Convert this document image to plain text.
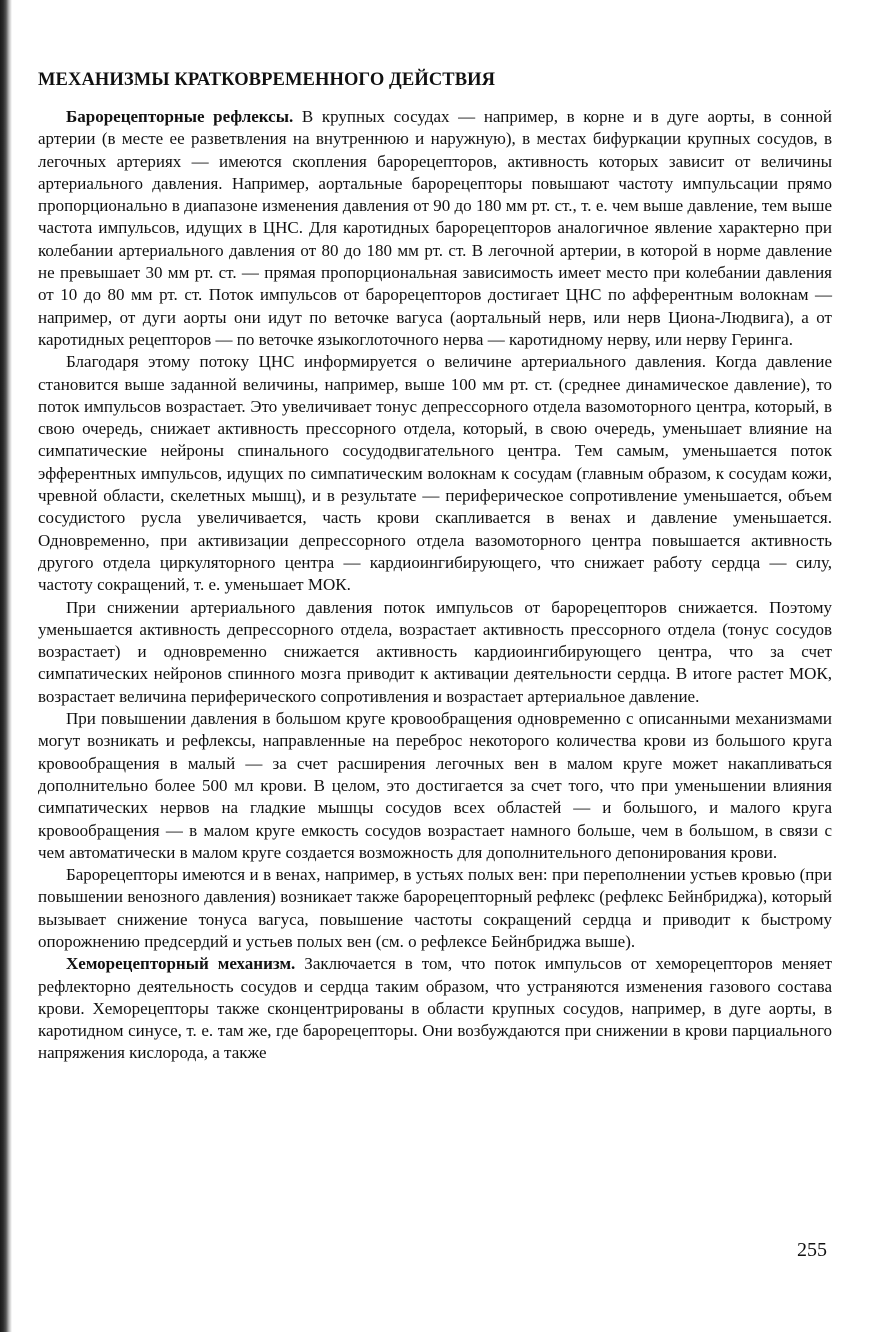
МЕХАНИЗМЫ КРАТКОВРЕМЕННОГО ДЕЙСТВИЯ

Барорецепторные рефлексы. В крупных сосудах — например, в корне и в дуге аорты, в сонной артерии (в месте ее разветвления на внутреннюю и наружную), в местах бифуркации крупных сосудов, в легочных артериях — имеются скопления барорецепторов, активность которых зависит от величины артериального давления. Например, аортальные барорецепторы повышают частоту импульсации прямо пропорционально в диапазоне изменения давления от 90 до 180 мм рт. ст., т. е. чем выше давление, тем выше частота импульсов, идущих в ЦНС. Для каротидных барорецепторов аналогичное явление характерно при колебании артериального давления от 80 до 180 мм рт. ст. В легочной артерии, в которой в норме давление не превышает 30 мм рт. ст. — прямая пропорциональная зависимость имеет место при колебании давления от 10 до 80 мм рт. ст. Поток импульсов от барорецепторов достигает ЦНС по афферентным волокнам — например, от дуги аорты они идут по веточке вагуса (аортальный нерв, или нерв Циона-Людвига), а от каротидных рецепторов — по веточке языкоглоточного нерва — каротидному нерву, или нерву Геринга.

Благодаря этому потоку ЦНС информируется о величине артериального давления. Когда давление становится выше заданной величины, например, выше 100 мм рт. ст. (среднее динамическое давление), то поток импульсов возрастает. Это увеличивает тонус депрессорного отдела вазомоторного центра, который, в свою очередь, снижает активность прессорного отдела, который, в свою очередь, уменьшает влияние на симпатические нейроны спинального сосудодвигательного центра. Тем самым, уменьшается поток эфферентных импульсов, идущих по симпатическим волокнам к сосудам (главным образом, к сосудам кожи, чревной области, скелетных мышц), и в результате — периферическое сопротивление уменьшается, объем сосудистого русла увеличивается, часть крови скапливается в венах и давление уменьшается. Одновременно, при активизации депрессорного отдела вазомоторного центра повышается активность другого отдела циркуляторного центра — кардиоингибирующего, что снижает работу сердца — силу, частоту сокращений, т. е. уменьшает МОК.

При снижении артериального давления поток импульсов от барорецепторов снижается. Поэтому уменьшается активность депрессорного отдела, возрастает активность прессорного отдела (тонус сосудов возрастает) и одновременно снижается активность кардиоингибирующего центра, что за счет симпатических нейронов спинного мозга приводит к активации деятельности сердца. В итоге растет МОК, возрастает величина периферического сопротивления и возрастает артериальное давление.

При повышении давления в большом круге кровообращения одновременно с описанными механизмами могут возникать и рефлексы, направленные на переброс некоторого количества крови из большого круга кровообращения в малый — за счет расширения легочных вен в малом круге может накапливаться дополнительно более 500 мл крови. В целом, это достигается за счет того, что при уменьшении влияния симпатических нервов на гладкие мышцы сосудов всех областей — и большого, и малого круга кровообращения — в малом круге емкость сосудов возрастает намного больше, чем в большом, в связи с чем автоматически в малом круге создается возможность для дополнительного депонирования крови.

Барорецепторы имеются и в венах, например, в устьях полых вен: при переполнении устьев кровью (при повышении венозного давления) возникает также барорецепторный рефлекс (рефлекс Бейнбриджа), который вызывает снижение тонуса вагуса, повышение частоты сокращений сердца и приводит к быстрому опорожнению предсердий и устьев полых вен (см. о рефлексе Бейнбриджа выше).

Хеморецепторный механизм. Заключается в том, что поток импульсов от хеморецепторов меняет рефлекторно деятельность сосудов и сердца таким образом, что устраняются изменения газового состава крови. Хеморецепторы также сконцентрированы в области крупных сосудов, например, в дуге аорты, в каротидном синусе, т. е. там же, где барорецепторы. Они возбуждаются при снижении в крови парциального напряжения кислорода, а также

255
